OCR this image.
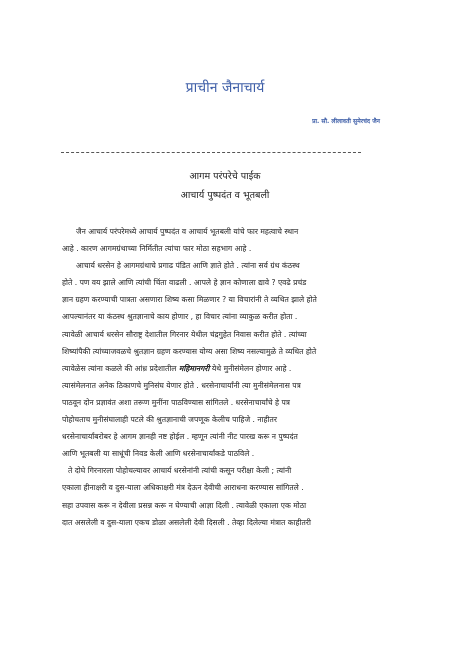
प्राचीन जैनाचार्य
प्रा. सौ. लीलावती सुमेरचंद जैन
आगम परंपरेचे पाईक
आचार्य पुष्पदंत व भूतबली
जैन आचार्य परंपरेमध्ये आचार्य पुष्पदंत व आचार्य भूतबली यांचे फार महत्वाचे स्थान
आहे . कारण आगमग्रंथाच्या निर्मितीत त्यांचा फार मोठा सहभाग आहे .
आचार्य धरसेन हे आगमग्रंथाचे प्रगाढ पंडित आणि ज्ञाते होते . त्यांना सर्व ग्रंथ कंठस्थ
होते . पण वय झाले आणि त्यांची चिंता वाढली . आपले हे ज्ञान कोणाला द्यावे ? एवढे प्रचंड
ज्ञान ग्रहण करण्याची पात्रता असणारा शिष्य कसा मिळणार ? या विचारांनी ते व्यथित झाले होते
आपल्यानंतर या कंठस्थ श्रुतज्ञानाचे काय होणार , हा विचार त्यांना व्याकुळ करीत होता .
त्यावेळी आचार्य धरसेन सौराष्ट्र देशातील गिरनार येथील चंद्रगुहेत निवास करीत होते . त्यांच्या
शिष्यांपैकी त्यांच्याजवळचे श्रुतज्ञान ग्रहण करण्यास योग्य असा शिष्य नसल्यामुळे ते व्यथित होते
त्यावेळेस त्यांना कळले की आंध्र प्रदेशातील महिमानगरी येथे मुनीसंमेलन होणार आहे .
त्यासंमेलनात अनेक ठिकाणचे मुनिसंघ येणार होते . धरसेनाचार्यांनी त्या मुनीसंमेलनास पत्र
पाठवून दोन प्रज्ञावंत अशा तरूण मुनींना पाठविण्यास सांगितले . धरसेनाचार्यांचे हे पत्र
पोहोचताच मुनीसंघालाही पटले की श्रुतज्ञानाची जपणूक केलीच पाहिजे . नाहीतर
धरसेनाचार्यांबरोबर हे आगम ज्ञानही नष्ट होईल . म्हणून त्यांनी नीट पारख करू न पुष्पदंत
आणि भूतबली या साधूंची निवड केली आणि धरसेनाचार्यांकडे पाठविले .
ते दोघे गिरनारला पोहोचल्यावर आचार्य धरसेनांनी त्यांची कसून परीक्षा केली ; त्यांनी
एकाला हीनाक्षरी व दुस-याला अधिकाक्षरी मंत्र देऊन देवीची आराधना करण्यास सांगितले .
सहा उपवास करू न देवीला प्रसन्न करू न घेण्याची आज्ञा दिली . त्यावेळी एकाला एक मोठा
दात असलेली व दुस-याला एकच डोळा असलेली देवी दिसली . तेव्हा दिलेल्या मंत्रात काहीतरी
